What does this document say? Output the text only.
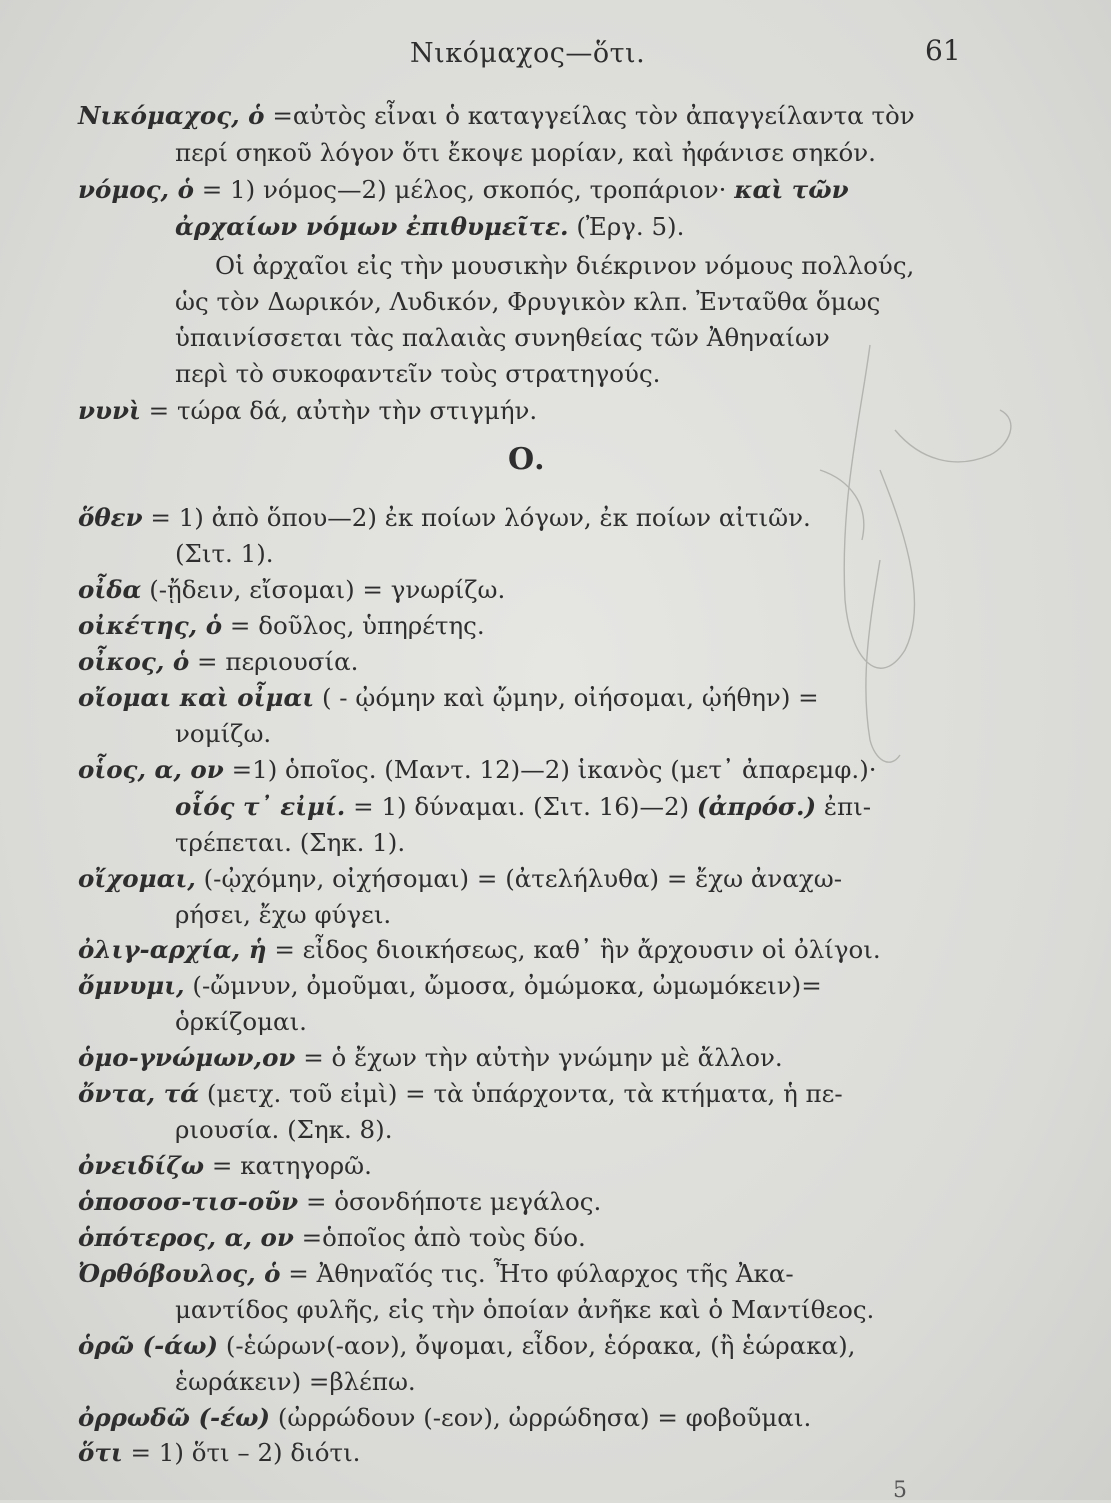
Νικόμαχος—ὅτι.	61
Νικόμαχος, ὁ =αὐτὸς εἶναι ὁ καταγγείλας τὸν ἀπαγγείλαντα τὸν
περί σηκοῦ λόγον ὅτι ἔκοψε μορίαν, καὶ ἠφάνισε σηκόν.
νόμος, ὁ = 1) νόμος—2) μέλος, σκοπός, τροπάριον· καὶ τῶν
ἀρχαίων νόμων ἐπιθυμεῖτε. (Ἐργ. 5).
Οἱ ἀρχαῖοι εἰς τὴν μουσικὴν διέκρινον νόμους πολλούς,
ὡς τὸν Δωρικόν, Λυδικόν, Φρυγικὸν κλπ. Ἐνταῦθα ὅμως
ὑπαινίσσεται τὰς παλαιὰς συνηθείας τῶν Ἀθηναίων
περὶ τὸ συκοφαντεῖν τοὺς στρατηγούς.
νυνὶ = τώρα δά, αὐτὴν τὴν στιγμήν.
ὅθεν = 1) ἀπὸ ὅπου—2) ἐκ ποίων λόγων, ἐκ ποίων αἰτιῶν.
(Σιτ. 1).
οἶδα (-ᾔδειν, εἴσομαι) = γνωρίζω.
οἰκέτης, ὁ = δοῦλος, ὑπηρέτης.
οἶκος, ὁ = περιουσία.
οἴομαι καὶ οἶμαι ( - ᾠόμην καὶ ᾤμην, οἰήσομαι, ᾠήθην) =
νομίζω.
οἷος, α, ον =1) ὁποῖος. (Μαντ. 12)—2) ἱκανὸς (μετ᾽ ἀπαρεμφ.)·
οἷός τ᾽ εἰμί. = 1) δύναμαι. (Σιτ. 16)—2) (ἀπρόσ.) ἐπι-
τρέπεται. (Σηκ. 1).
οἴχομαι, (-ᾠχόμην, οἰχήσομαι) = (ἀτελήλυθα) = ἔχω ἀναχω-
ρήσει, ἔχω φύγει.
ὀλιγ-αρχία, ἡ = εἶδος διοικήσεως, καθ᾽ ἣν ἄρχουσιν οἱ ὀλίγοι.
ὄμνυμι, (-ὤμνυν, ὀμοῦμαι, ὤμοσα, ὀμώμοκα, ὠμωμόκειν)=
ὁρκίζομαι.
ὁμο-γνώμων,ον = ὁ ἔχων τὴν αὐτὴν γνώμην μὲ ἄλλον.
ὄντα, τά (μετχ. τοῦ εἰμὶ) = τὰ ὑπάρχοντα, τὰ κτήματα, ἡ πε-
ριουσία. (Σηκ. 8).
ὀνειδίζω = κατηγορῶ.
ὁποσοσ-τισ-οῦν = ὁσονδήποτε μεγάλος.
ὁπότερος, α, ον =ὁποῖος ἀπὸ τοὺς δύο.
Ὀρθόβουλος, ὁ = Ἀθηναῖός τις. Ἦτο φύλαρχος τῆς Ἀκα-
μαντίδος φυλῆς, εἰς τὴν ὁποίαν ἀνῆκε καὶ ὁ Μαντίθεος.
ὁρῶ (-άω) (-ἑώρων(-αον), ὄψομαι, εἶδον, ἑόρακα, (ἢ ἑώρακα),
ἑωράκειν) =βλέπω.
ὀρρωδῶ (-έω) (ὠρρώδουν (-εον), ὠρρώδησα) = φοβοῦμαι.
ὅτι = 1) ὅτι – 2) διότι.
Ο.
5
